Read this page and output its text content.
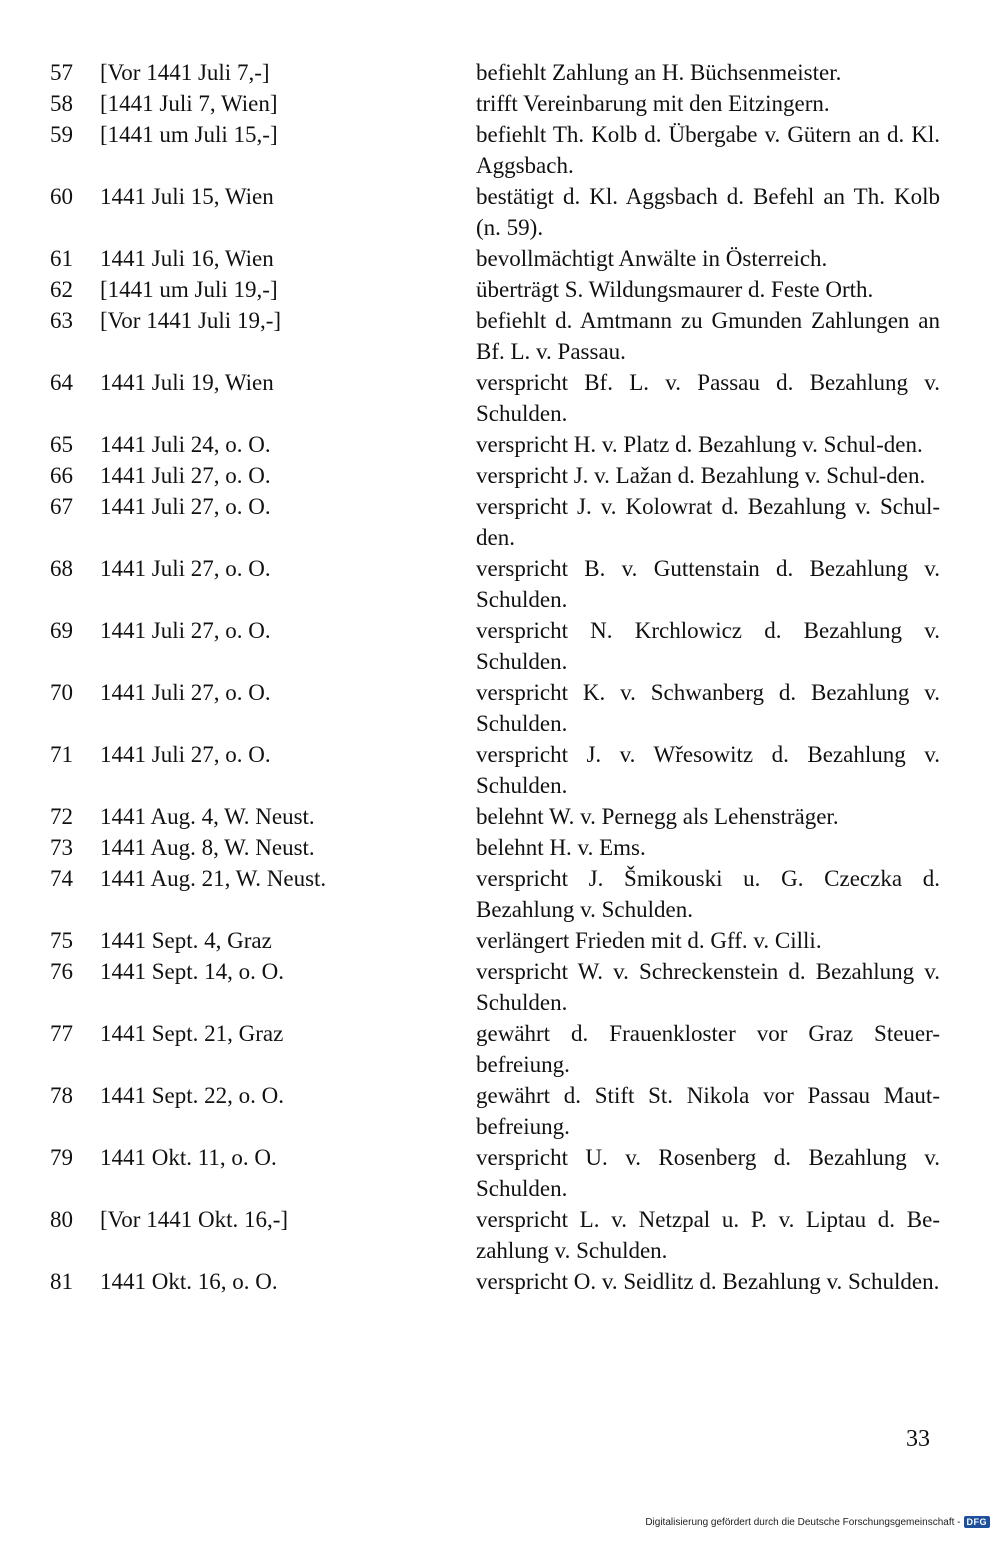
57	[Vor 1441 Juli 7,-]	befiehlt Zahlung an H. Büchsenmeister.
58	[1441 Juli 7, Wien]	trifft Vereinbarung mit den Eitzingern.
59	[1441 um Juli 15,-]	befiehlt Th. Kolb d. Übergabe v. Gütern an d. Kl. Aggsbach.
60	1441 Juli 15, Wien	bestätigt d. Kl. Aggsbach d. Befehl an Th. Kolb (n. 59).
61	1441 Juli 16, Wien	bevollmächtigt Anwälte in Österreich.
62	[1441 um Juli 19,-]	überträgt S. Wildungsmaurer d. Feste Orth.
63	[Vor 1441 Juli 19,-]	befiehlt d. Amtmann zu Gmunden Zahlungen an Bf. L. v. Passau.
64	1441 Juli 19, Wien	verspricht Bf. L. v. Passau d. Bezahlung v. Schulden.
65	1441 Juli 24, o. O.	verspricht H. v. Platz d. Bezahlung v. Schul-den.
66	1441 Juli 27, o. O.	verspricht J. v. Lažan d. Bezahlung v. Schul-den.
67	1441 Juli 27, o. O.	verspricht J. v. Kolowrat d. Bezahlung v. Schul-den.
68	1441 Juli 27, o. O.	verspricht B. v. Guttenstain d. Bezahlung v. Schulden.
69	1441 Juli 27, o. O.	verspricht N. Krchlowicz d. Bezahlung v. Schulden.
70	1441 Juli 27, o. O.	verspricht K. v. Schwanberg d. Bezahlung v. Schulden.
71	1441 Juli 27, o. O.	verspricht J. v. Wřesowitz d. Bezahlung v. Schulden.
72	1441 Aug. 4, W. Neust.	belehnt W. v. Pernegg als Lehensträger.
73	1441 Aug. 8, W. Neust.	belehnt H. v. Ems.
74	1441 Aug. 21, W. Neust.	verspricht J. Šmikouski u. G. Czeczka d. Bezahlung v. Schulden.
75	1441 Sept. 4, Graz	verlängert Frieden mit d. Gff. v. Cilli.
76	1441 Sept. 14, o. O.	verspricht W. v. Schreckenstein d. Bezahlung v. Schulden.
77	1441 Sept. 21, Graz	gewährt d. Frauenkloster vor Graz Steuer-befreiung.
78	1441 Sept. 22, o. O.	gewährt d. Stift St. Nikola vor Passau Maut-befreiung.
79	1441 Okt. 11, o. O.	verspricht U. v. Rosenberg d. Bezahlung v. Schulden.
80	[Vor 1441 Okt. 16,-]	verspricht L. v. Netzpal u. P. v. Liptau d. Be-zahlung v. Schulden.
81	1441 Okt. 16, o. O.	verspricht O. v. Seidlitz d. Bezahlung v. Schulden.
33
Digitalisierung gefördert durch die Deutsche Forschungsgemeinschaft - DFG
